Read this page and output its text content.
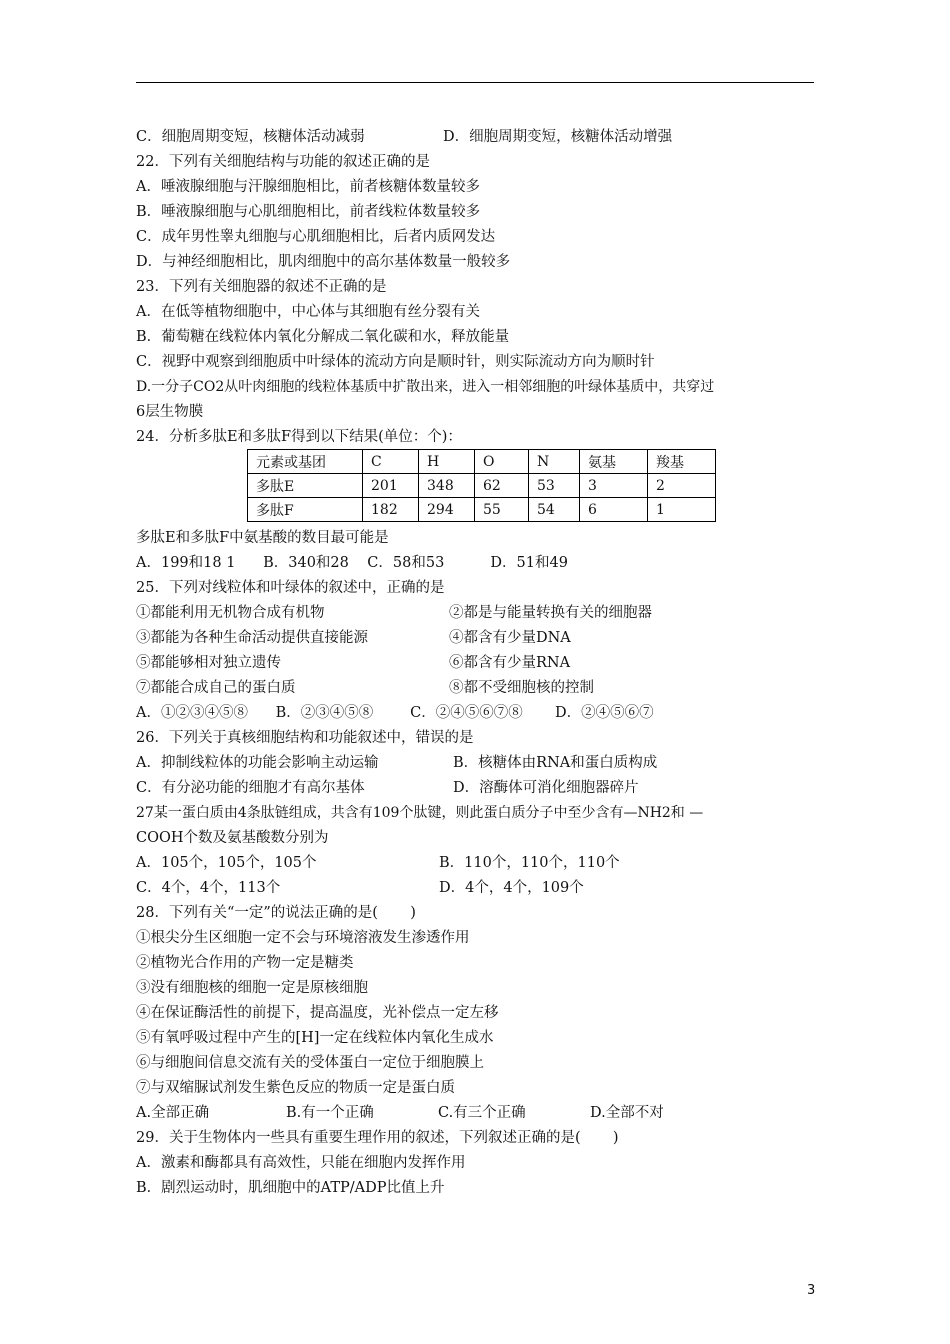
C．细胞周期变短，核糖体活动减弱	D．细胞周期变短，核糖体活动增强
22．下列有关细胞结构与功能的叙述正确的是
A．唾液腺细胞与汗腺细胞相比，前者核糖体数量较多
B．唾液腺细胞与心肌细胞相比，前者线粒体数量较多
C．成年男性睾丸细胞与心肌细胞相比，后者内质网发达
D．与神经细胞相比，肌肉细胞中的高尔基体数量一般较多
23．下列有关细胞器的叙述不正确的是
A．在低等植物细胞中，中心体与其细胞有丝分裂有关
B．葡萄糖在线粒体内氧化分解成二氧化碳和水，释放能量
C．视野中观察到细胞质中叶绿体的流动方向是顺时针，则实际流动方向为顺时针
D.一分子CO2从叶肉细胞的线粒体基质中扩散出来，进入一相邻细胞的叶绿体基质中，共穿过
6层生物膜
24．分析多肽E和多肽F得到以下结果(单位：个)：
元素或基团	C	H	O	N	氨基	羧基
多肽E	201	348	62	53	3	2
多肽F	182	294	55	54	6	1
多肽E和多肽F中氨基酸的数目最可能是
A．199和18 1      B．340和28    C．58和53          D．51和49
25．下列对线粒体和叶绿体的叙述中，正确的是
①都能利用无机物合成有机物	②都是与能量转换有关的细胞器
③都能为各种生命活动提供直接能源	④都含有少量DNA
⑤都能够相对独立遗传	⑥都含有少量RNA
⑦都能合成自己的蛋白质	⑧都不受细胞核的控制
A．①②③④⑤⑧      B．②③④⑤⑧        C．②④⑤⑥⑦⑧       D．②④⑤⑥⑦
26．下列关于真核细胞结构和功能叙述中，错误的是
A．抑制线粒体的功能会影响主动运输	B．核糖体由RNA和蛋白质构成
C．有分泌功能的细胞才有高尔基体	D．溶酶体可消化细胞器碎片
27某一蛋白质由4条肽链组成，共含有109个肽键，则此蛋白质分子中至少含有—NH2和 —
COOH个数及氨基酸数分别为
A．105个，105个，105个	B．110个，110个，110个
C．4个，4个，113个	D．4个，4个，109个
28．下列有关“一定”的说法正确的是(       )
①根尖分生区细胞一定不会与环境溶液发生渗透作用
②植物光合作用的产物一定是糖类
③没有细胞核的细胞一定是原核细胞
④在保证酶活性的前提下，提高温度，光补偿点一定左移
⑤有氧呼吸过程中产生的[H]一定在线粒体内氧化生成水
⑥与细胞间信息交流有关的受体蛋白一定位于细胞膜上
⑦与双缩脲试剂发生紫色反应的物质一定是蛋白质
A.全部正确	B.有一个正确	C.有三个正确	D.全部不对
29．关于生物体内一些具有重要生理作用的叙述，下列叙述正确的是(       )
A．激素和酶都具有高效性，只能在细胞内发挥作用
B．剧烈运动时，肌细胞中的ATP/ADP比值上升
3
